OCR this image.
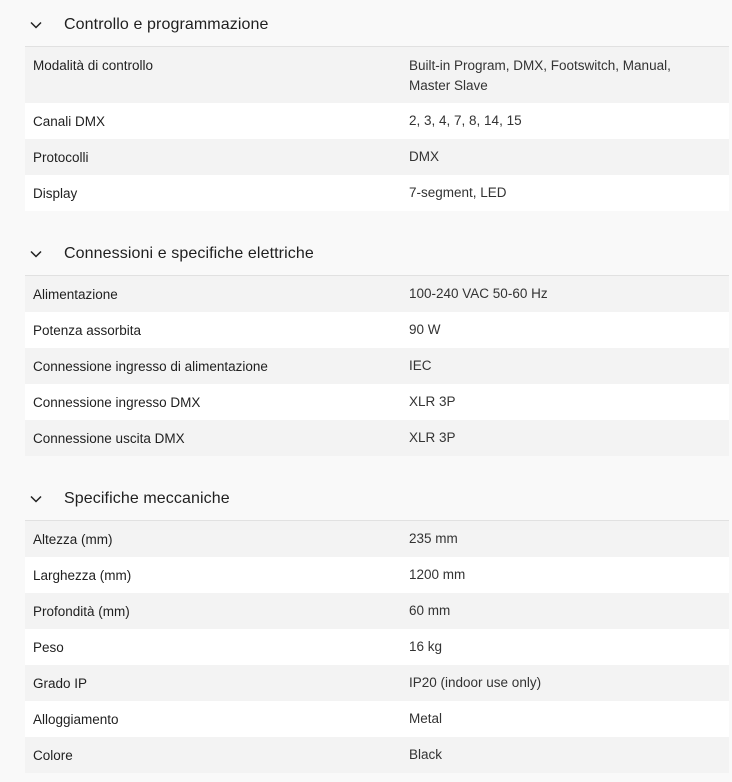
Controllo e programmazione
Modalità di controllo	Built-in Program, DMX, Footswitch, Manual, Master Slave
Canali DMX	2, 3, 4, 7, 8, 14, 15
Protocolli	DMX
Display	7-segment, LED
Connessioni e specifiche elettriche
Alimentazione	100-240 VAC 50-60 Hz
Potenza assorbita	90 W
Connessione ingresso di alimentazione	IEC
Connessione ingresso DMX	XLR 3P
Connessione uscita DMX	XLR 3P
Specifiche meccaniche
Altezza (mm)	235 mm
Larghezza (mm)	1200 mm
Profondità (mm)	60 mm
Peso	16 kg
Grado IP	IP20 (indoor use only)
Alloggiamento	Metal
Colore	Black
